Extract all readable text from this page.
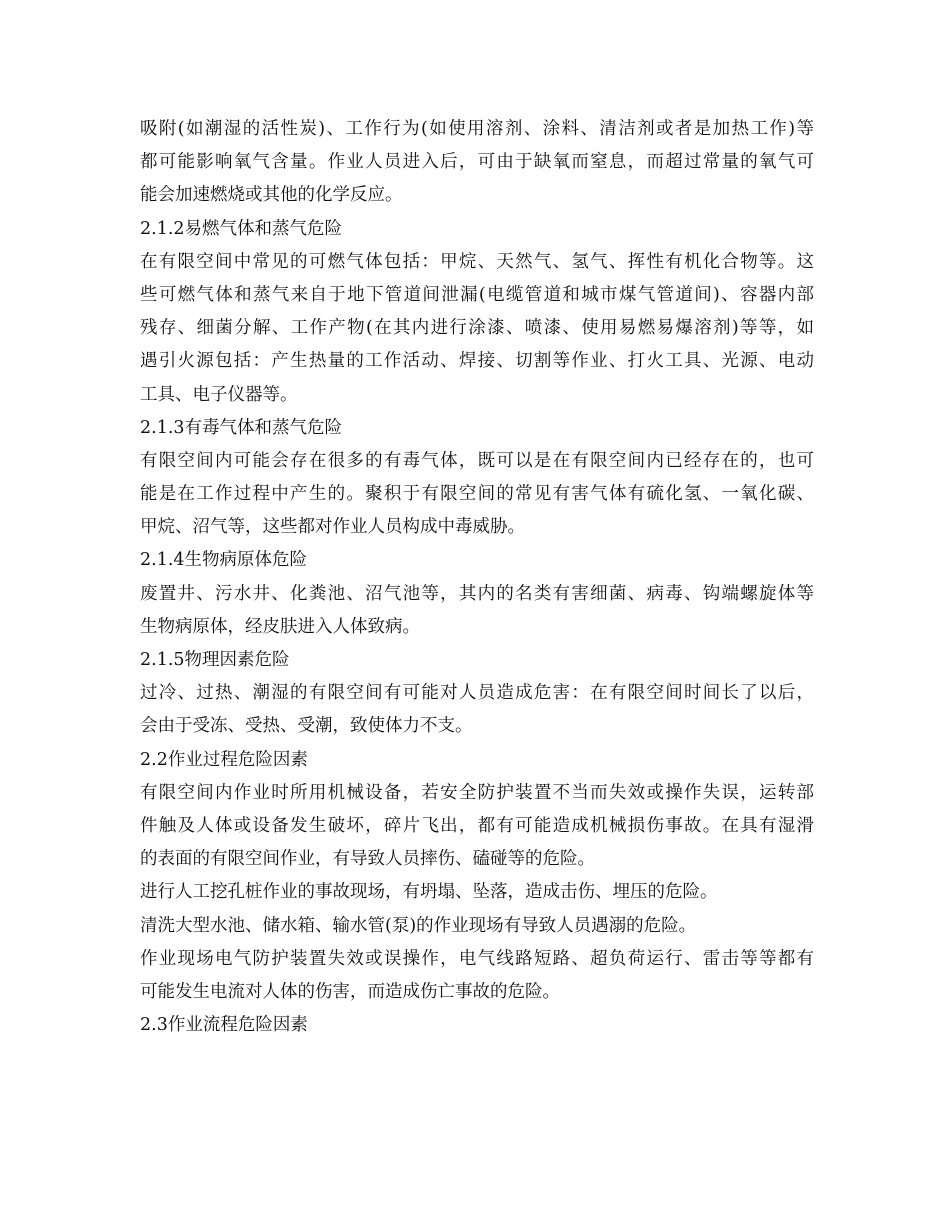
吸附(如潮湿的活性炭)、工作行为(如使用溶剂、涂料、清洁剂或者是加热工作)等
都可能影响氧气含量。作业人员进入后，可由于缺氧而窒息，而超过常量的氧气可
能会加速燃烧或其他的化学反应。
2.1.2易燃气体和蒸气危险
在有限空间中常见的可燃气体包括：甲烷、天然气、氢气、挥性有机化合物等。这
些可燃气体和蒸气来自于地下管道间泄漏(电缆管道和城市煤气管道间)、容器内部
残存、细菌分解、工作产物(在其内进行涂漆、喷漆、使用易燃易爆溶剂)等等，如
遇引火源包括：产生热量的工作活动、焊接、切割等作业、打火工具、光源、电动
工具、电子仪器等。
2.1.3有毒气体和蒸气危险
有限空间内可能会存在很多的有毒气体，既可以是在有限空间内已经存在的，也可
能是在工作过程中产生的。聚积于有限空间的常见有害气体有硫化氢、一氧化碳、
甲烷、沼气等，这些都对作业人员构成中毒威胁。
2.1.4生物病原体危险
废置井、污水井、化粪池、沼气池等，其内的名类有害细菌、病毒、钩端螺旋体等
生物病原体，经皮肤进入人体致病。
2.1.5物理因素危险
过冷、过热、潮湿的有限空间有可能对人员造成危害：在有限空间时间长了以后，
会由于受冻、受热、受潮，致使体力不支。
2.2作业过程危险因素
有限空间内作业时所用机械设备，若安全防护装置不当而失效或操作失误，运转部
件触及人体或设备发生破坏，碎片飞出，都有可能造成机械损伤事故。在具有湿滑
的表面的有限空间作业，有导致人员摔伤、磕碰等的危险。
进行人工挖孔桩作业的事故现场，有坍塌、坠落，造成击伤、埋压的危险。
清洗大型水池、储水箱、输水管(泵)的作业现场有导致人员遇溺的危险。
作业现场电气防护装置失效或误操作，电气线路短路、超负荷运行、雷击等等都有
可能发生电流对人体的伤害，而造成伤亡事故的危险。
2.3作业流程危险因素
